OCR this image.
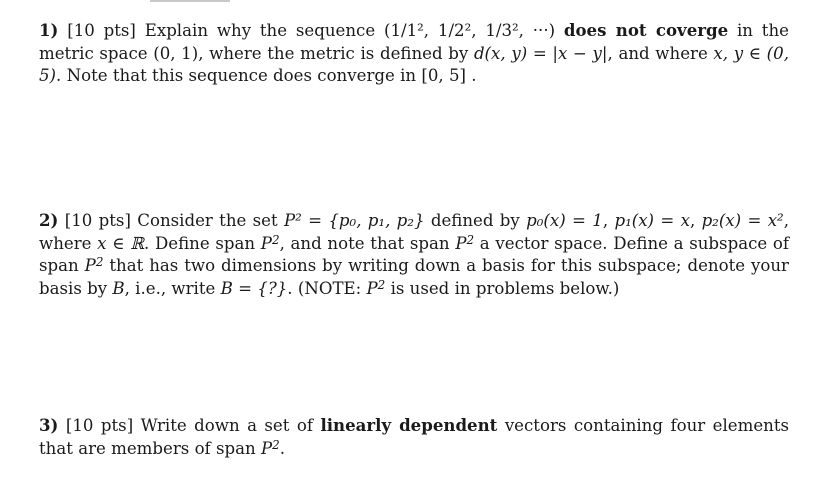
1) [10 pts] Explain why the sequence (1/1², 1/2², 1/3², ···) does not coverge in the metric space (0, 1), where the metric is defined by d(x, y) = |x − y|, and where x, y ∈ (0, 5). Note that this sequence does converge in [0, 5] .
2) [10 pts] Consider the set P² = {p₀, p₁, p₂} defined by p₀(x) = 1, p₁(x) = x, p₂(x) = x², where x ∈ ℝ. Define span $P^2$, and note that span $P^2$ a vector space. Define a subspace of span $P^2$ that has two dimensions by writing down a basis for this subspace; denote your basis by B, i.e., write B = {?}. (NOTE: $P^2$ is used in problems below.)
3) [10 pts] Write down a set of linearly dependent vectors containing four elements that are members of span $P^2$.
